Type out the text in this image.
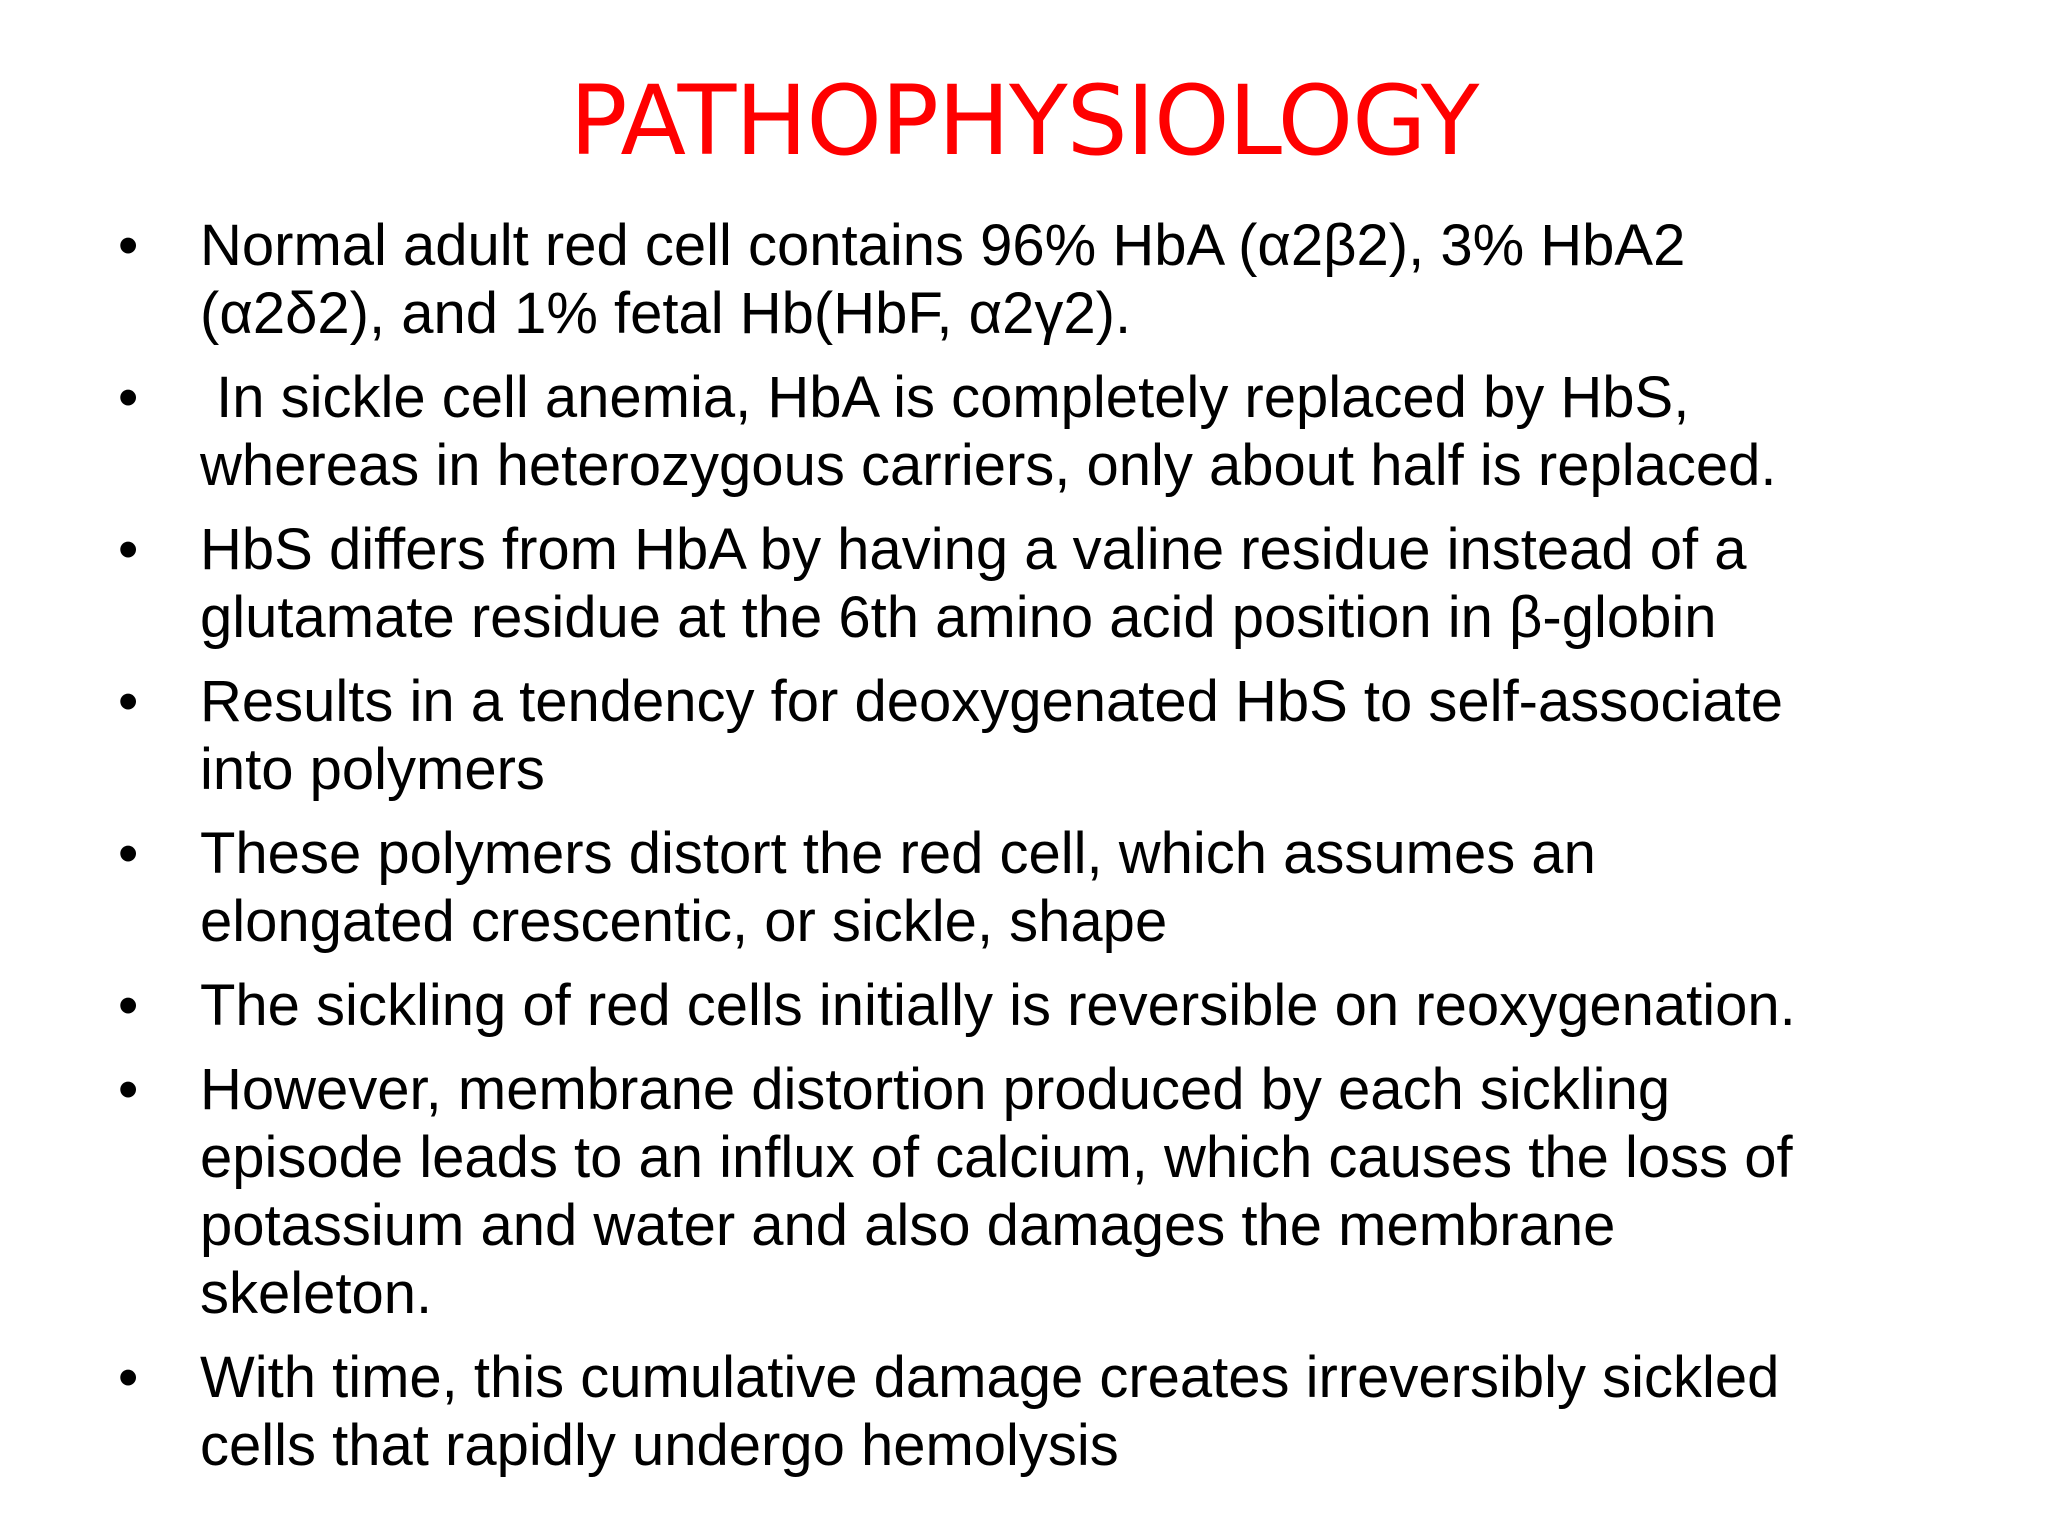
PATHOPHYSIOLOGY
•	Normal adult red cell contains 96% HbA (α2β2), 3% HbA2
(α2δ2), and 1% fetal Hb(HbF, α2γ2).
•	In sickle cell anemia, HbA is completely replaced by HbS,
whereas in heterozygous carriers, only about half is replaced.
•	HbS differs from HbA by having a valine residue instead of a
glutamate residue at the 6th amino acid position in β-globin
•	Results in a tendency for deoxygenated HbS to self-associate
into polymers
•	These polymers distort the red cell, which assumes an
elongated crescentic, or sickle, shape
•	The sickling of red cells initially is reversible on reoxygenation.
•	However, membrane distortion produced by each sickling
episode leads to an influx of calcium, which causes the loss of
potassium and water and also damages the membrane
skeleton.
•	With time, this cumulative damage creates irreversibly sickled
cells that rapidly undergo hemolysis
